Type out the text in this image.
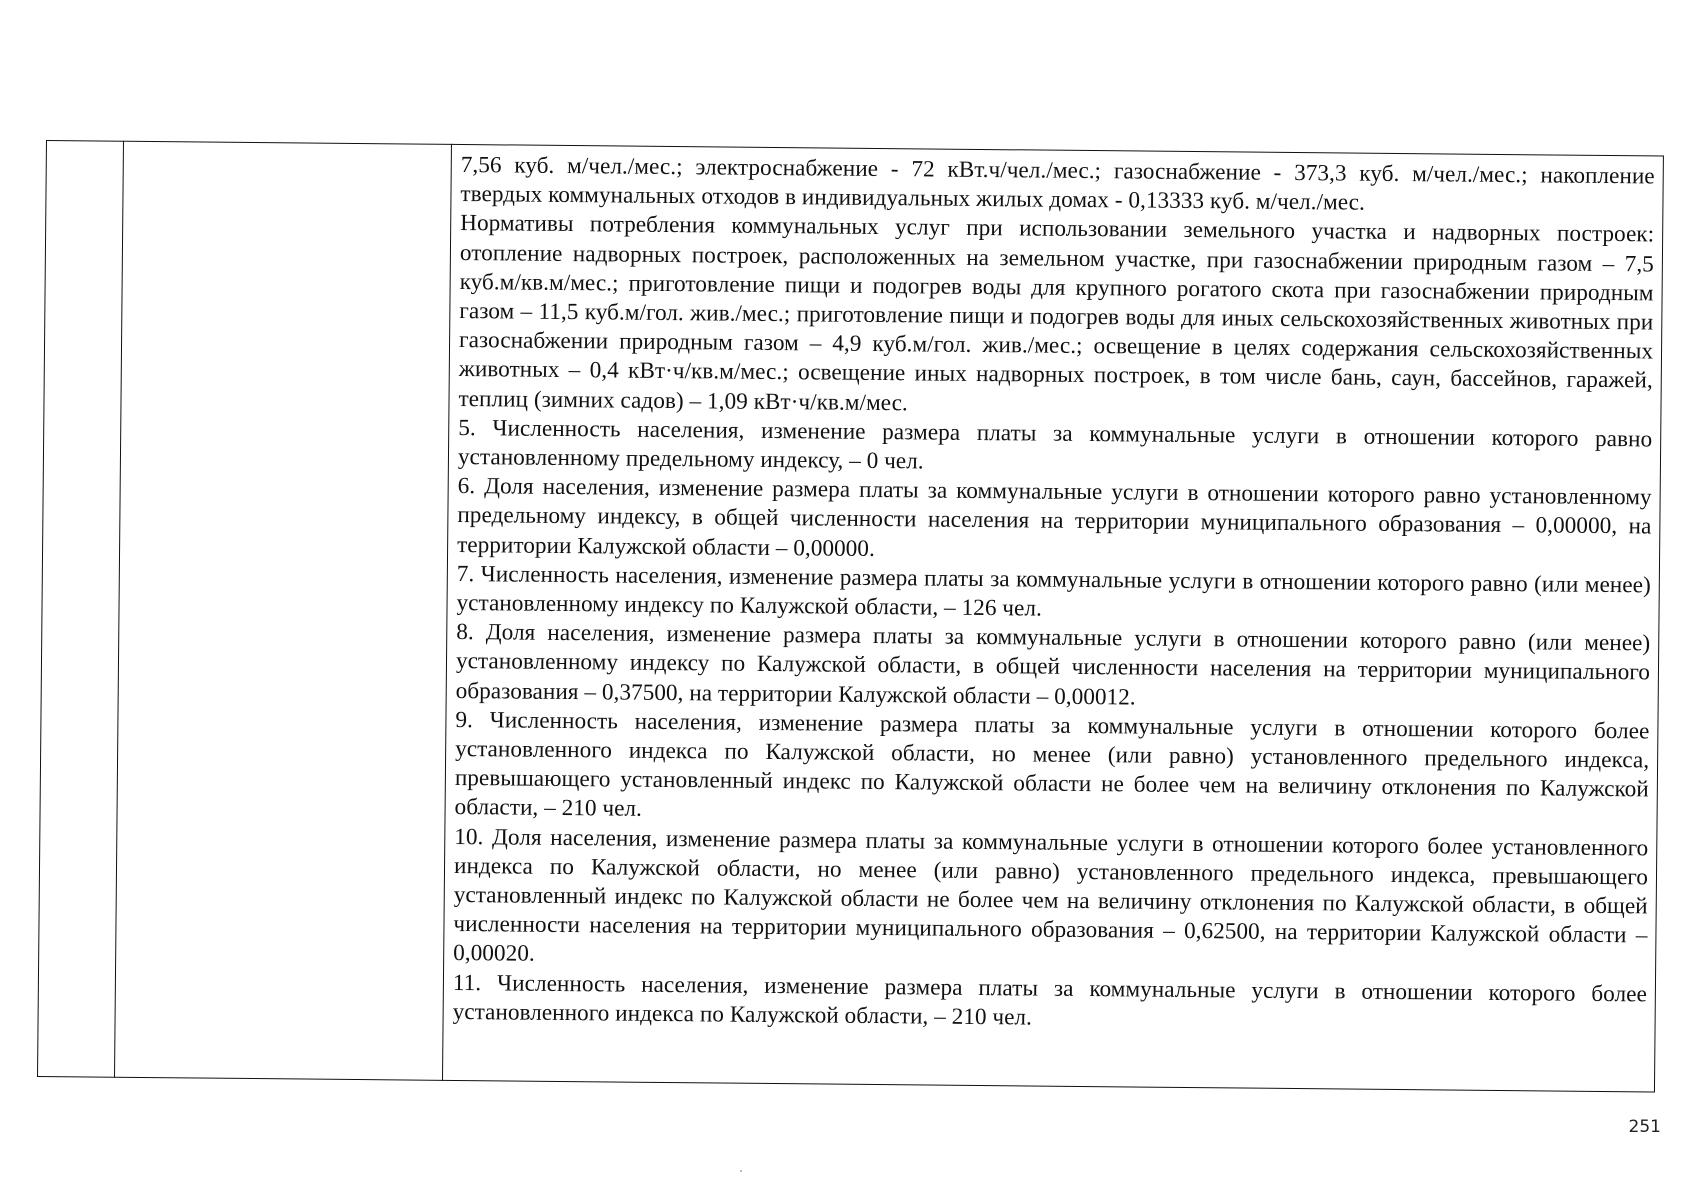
7,56 куб. м/чел./мес.; электроснабжение - 72 кВт.ч/чел./мес.; газоснабжение - 373,3 куб. м/чел./мес.; накопление твердых коммунальных отходов в индивидуальных жилых домах - 0,13333 куб. м/чел./мес.

Нормативы потребления коммунальных услуг при использовании земельного участка и надворных построек: отопление надворных построек, расположенных на земельном участке, при газоснабжении природным газом – 7,5 куб.м/кв.м/мес.; приготовление пищи и подогрев воды для крупного рогатого скота при газоснабжении природным газом – 11,5 куб.м/гол. жив./мес.; приготовление пищи и подогрев воды для иных сельскохозяйственных животных при газоснабжении природным газом – 4,9 куб.м/гол. жив./мес.; освещение в целях содержания сельскохозяйственных животных – 0,4 кВт·ч/кв.м/мес.; освещение иных надворных построек, в том числе бань, саун, бассейнов, гаражей, теплиц (зимних садов) – 1,09 кВт·ч/кв.м/мес.

5. Численность населения, изменение размера платы за коммунальные услуги в отношении которого равно установленному предельному индексу, – 0 чел.

6. Доля населения, изменение размера платы за коммунальные услуги в отношении которого равно установленному предельному индексу, в общей численности населения на территории муниципального образования – 0,00000, на территории Калужской области – 0,00000.

7. Численность населения, изменение размера платы за коммунальные услуги в отношении которого равно (или менее) установленному индексу по Калужской области, – 126 чел.

8. Доля населения, изменение размера платы за коммунальные услуги в отношении которого равно (или менее) установленному индексу по Калужской области, в общей численности населения на территории муниципального образования – 0,37500, на территории Калужской области – 0,00012.

9. Численность населения, изменение размера платы за коммунальные услуги в отношении которого более установленного индекса по Калужской области, но менее (или равно) установленного предельного индекса, превышающего установленный индекс по Калужской области не более чем на величину отклонения по Калужской области, – 210 чел.

10. Доля населения, изменение размера платы за коммунальные услуги в отношении которого более установленного индекса по Калужской области, но менее (или равно) установленного предельного индекса, превышающего установленный индекс по Калужской области не более чем на величину отклонения по Калужской области, в общей численности населения на территории муниципального образования – 0,62500, на территории Калужской области – 0,00020.

11. Численность населения, изменение размера платы за коммунальные услуги в отношении которого более установленного индекса по Калужской области, – 210 чел.

251
